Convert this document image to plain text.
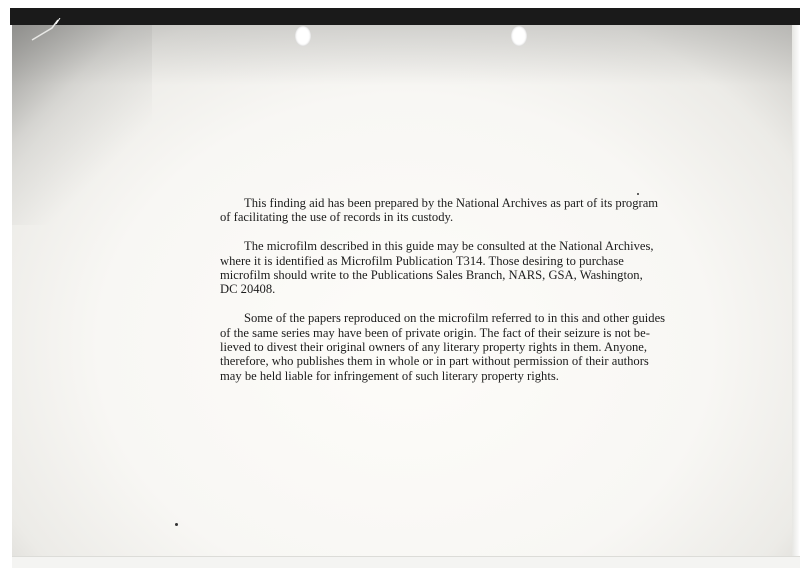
This finding aid has been prepared by the National Archives as part of its program
of facilitating the use of records in its custody.

The microfilm described in this guide may be consulted at the National Archives,
where it is identified as Microfilm Publication T314. Those desiring to purchase
microfilm should write to the Publications Sales Branch, NARS, GSA, Washington,
DC 20408.

Some of the papers reproduced on the microfilm referred to in this and other guides
of the same series may have been of private origin. The fact of their seizure is not be-
lieved to divest their original owners of any literary property rights in them. Anyone,
therefore, who publishes them in whole or in part without permission of their authors
may be held liable for infringement of such literary property rights.
